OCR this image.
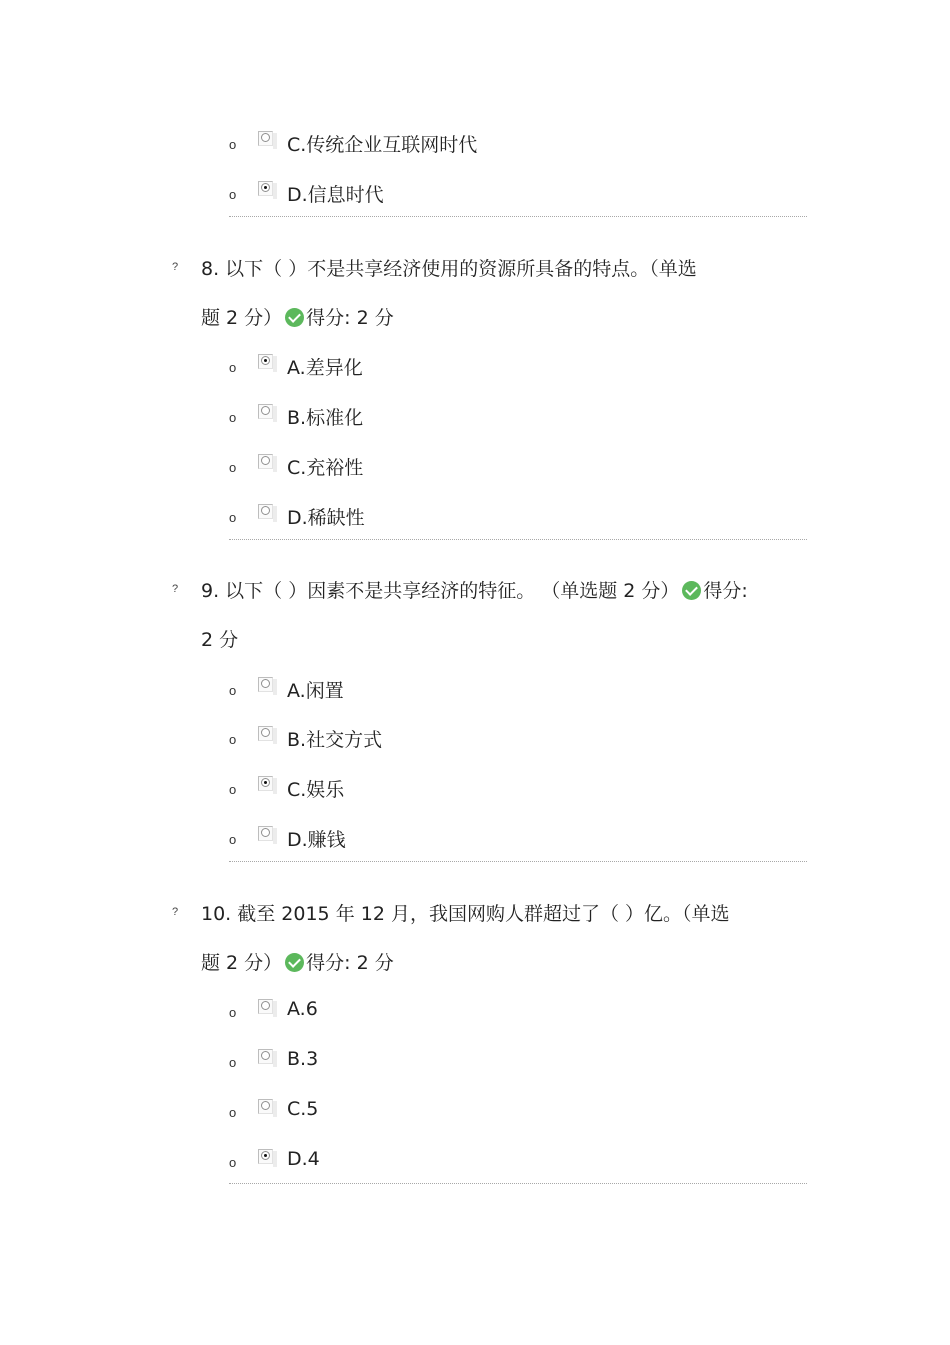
o	C.传统企业互联网时代
o	D.信息时代
? 8. 以下（ ）不是共享经济使用的资源所具备的特点。（单选
题 2 分） 得分: 2 分
o	A.差异化
o	B.标准化
o	C.充裕性
o	D.稀缺性
? 9. 以下（ ）因素不是共享经济的特征。 （单选题 2 分） 得分:
2 分
o	A.闲置
o	B.社交方式
o	C.娱乐
o	D.赚钱
? 10. 截至 2015 年 12 月，我国网购人群超过了（ ）亿。（单选
题 2 分） 得分: 2 分
o	A.6
o	B.3
o	C.5
o	D.4
